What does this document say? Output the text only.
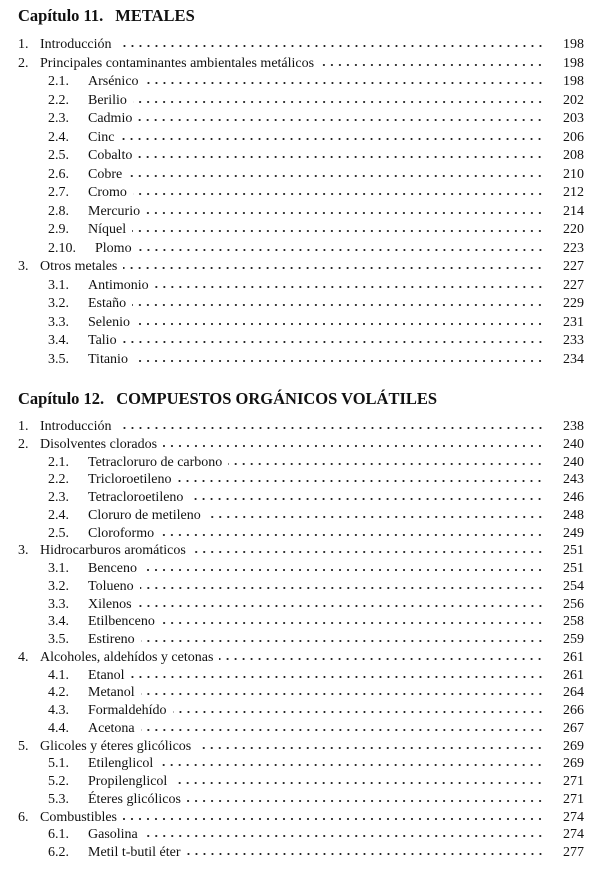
Capítulo 11. METALES
1. Introducción	198
2. Principales contaminantes ambientales metálicos	198
2.1.	Arsénico	198
2.2.	Berilio	202
2.3.	Cadmio	203
2.4.	Cinc	206
2.5.	Cobalto	208
2.6.	Cobre	210
2.7.	Cromo	212
2.8.	Mercurio	214
2.9.	Níquel	220
2.10.	Plomo	223
3. Otros metales	227
3.1.	Antimonio	227
3.2.	Estaño	229
3.3.	Selenio	231
3.4.	Talio	233
3.5.	Titanio	234
Capítulo 12. COMPUESTOS ORGÁNICOS VOLÁTILES
1. Introducción	238
2. Disolventes clorados	240
2.1.	Tetracloruro de carbono	240
2.2.	Tricloroetileno	243
2.3.	Tetracloroetileno	246
2.4.	Cloruro de metileno	248
2.5.	Cloroformo	249
3. Hidrocarburos aromáticos	251
3.1.	Benceno	251
3.2.	Tolueno	254
3.3.	Xilenos	256
3.4.	Etilbenceno	258
3.5.	Estireno	259
4. Alcoholes, aldehídos y cetonas	261
4.1.	Etanol	261
4.2.	Metanol	264
4.3.	Formaldehído	266
4.4.	Acetona	267
5. Glicoles y éteres glicólicos	269
5.1.	Etilenglicol	269
5.2.	Propilenglicol	271
5.3.	Éteres glicólicos	271
6. Combustibles	274
6.1.	Gasolina	274
6.2.	Metil t-butil éter	277
